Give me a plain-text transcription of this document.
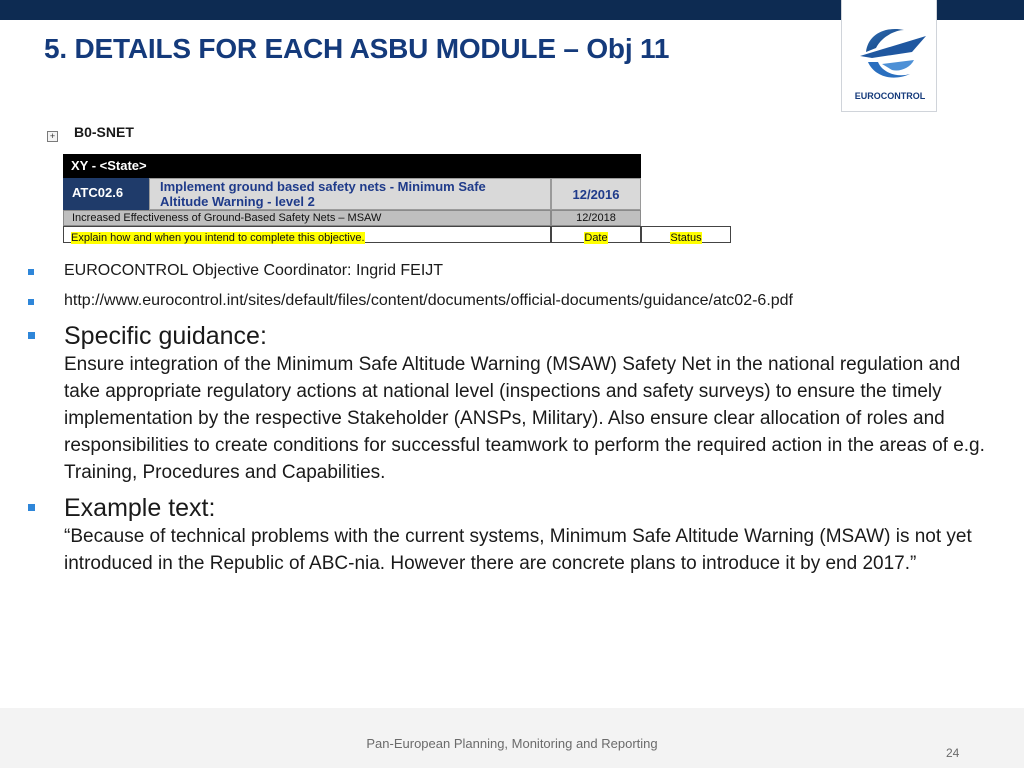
5. DETAILS FOR EACH ASBU MODULE – Obj 11
EUROCONTROL
+ B0-SNET
XY - <State>
ATC02.6	Implement ground based safety nets - Minimum Safe
Altitude Warning - level 2	12/2016
Increased Effectiveness of Ground-Based Safety Nets – MSAW	12/2018
Explain how and when you intend to complete this objective.	Date	Status
EUROCONTROL Objective Coordinator: Ingrid FEIJT
http://www.eurocontrol.int/sites/default/files/content/documents/official-documents/guidance/atc02-6.pdf
Specific guidance:
Ensure integration of the Minimum Safe Altitude Warning (MSAW) Safety Net in the national regulation and take appropriate regulatory actions at national level (inspections and safety surveys) to ensure the timely implementation by the respective Stakeholder (ANSPs, Military). Also ensure clear allocation of roles and responsibilities to create conditions for successful teamwork to perform the required action in the areas of e.g. Training, Procedures and Capabilities.
Example text:
“Because of technical problems with the current systems, Minimum Safe Altitude Warning (MSAW) is not yet introduced in the Republic of ABC-nia. However there are concrete plans to introduce it by end 2017.”
Pan-European Planning, Monitoring and Reporting
24
